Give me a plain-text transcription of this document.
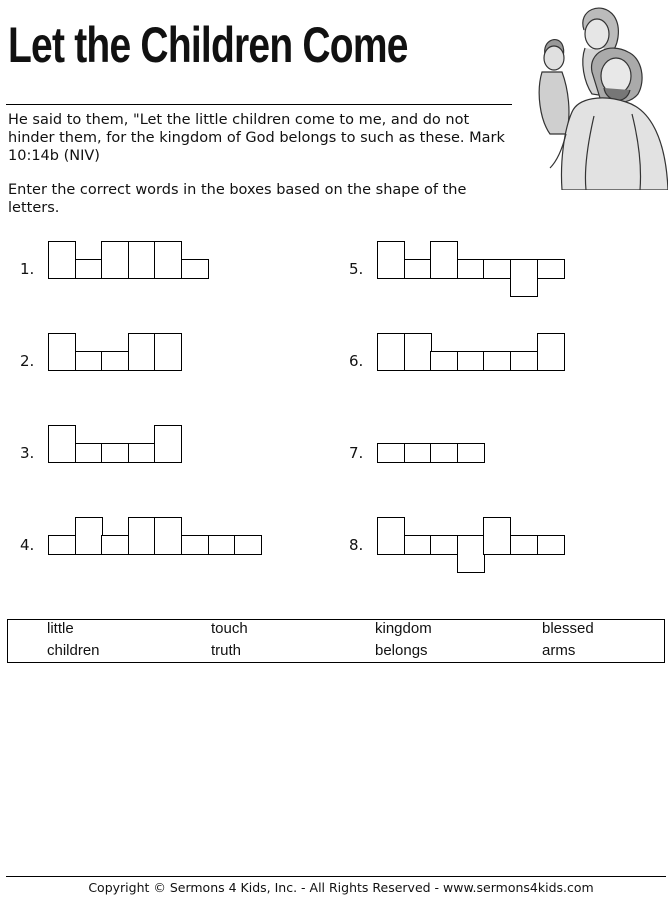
Let the Children Come

He said to them, "Let the little children come to me, and do not hinder them, for the kingdom of God belongs to such as these. Mark 10:14b (NIV)

Enter the correct words in the boxes based on the shape of the letters.

1.
2.
3.
4.
5.
6.
7.
8.
little	touch	kingdom	blessed
children	truth	belongs	arms
Copyright © Sermons 4 Kids, Inc. - All Rights Reserved - www.sermons4kids.com
